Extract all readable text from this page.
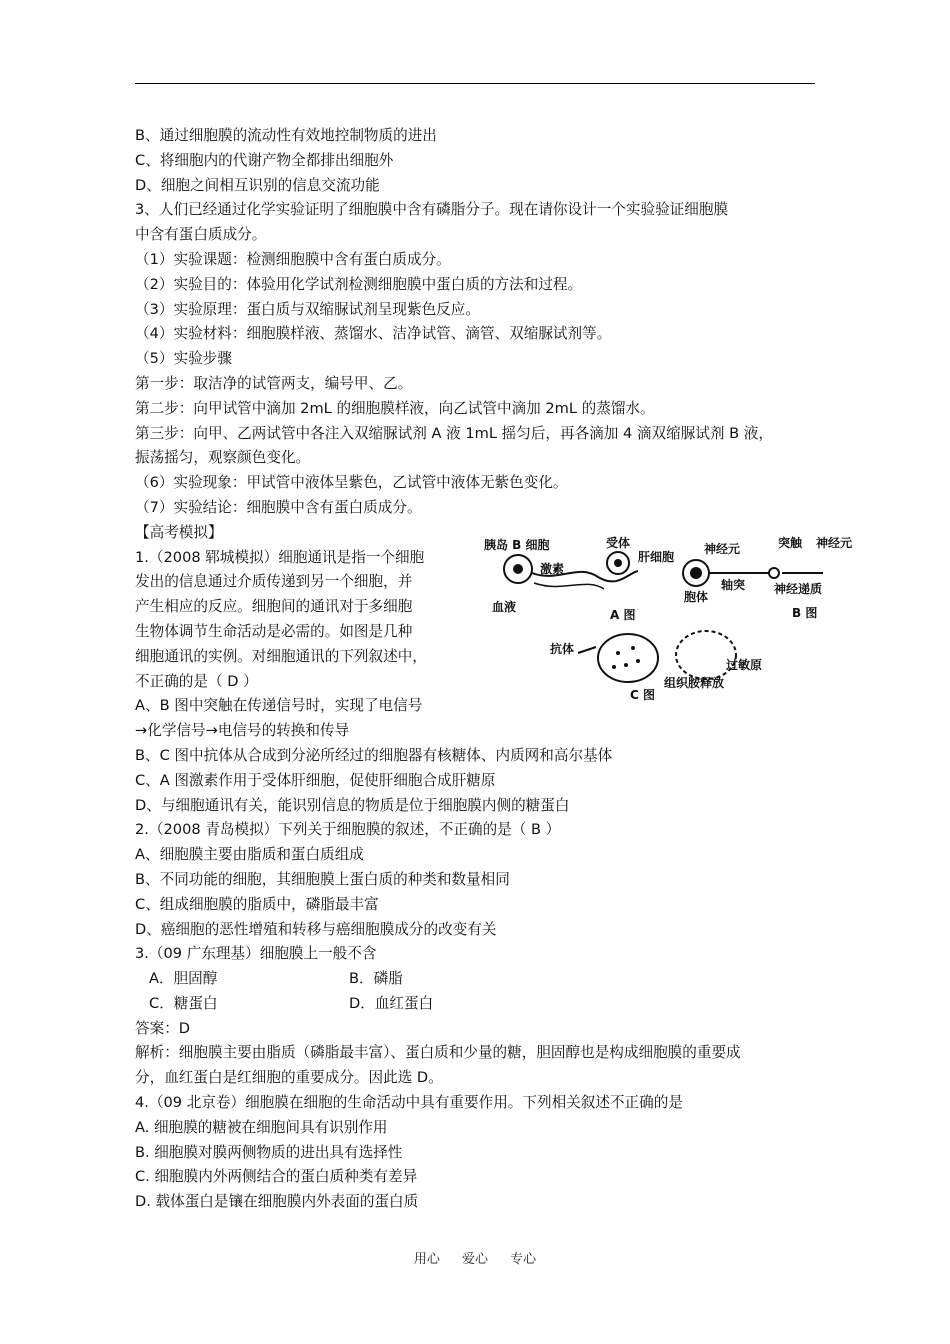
B、通过细胞膜的流动性有效地控制物质的进出

C、将细胞内的代谢产物全都排出细胞外

D、细胞之间相互识别的信息交流功能

3、人们已经通过化学实验证明了细胞膜中含有磷脂分子。现在请你设计一个实验验证细胞膜

中含有蛋白质成分。

（1）实验课题：检测细胞膜中含有蛋白质成分。

（2）实验目的：体验用化学试剂检测细胞膜中蛋白质的方法和过程。

（3）实验原理：蛋白质与双缩脲试剂呈现紫色反应。

（4）实验材料：细胞膜样液、蒸馏水、洁净试管、滴管、双缩脲试剂等。

（5）实验步骤

第一步：取洁净的试管两支，编号甲、乙。

第二步：向甲试管中滴加 2mL 的细胞膜样液，向乙试管中滴加 2mL 的蒸馏水。

第三步：向甲、乙两试管中各注入双缩脲试剂 A 液 1mL 摇匀后，再各滴加 4 滴双缩脲试剂 B 液，

振荡摇匀，观察颜色变化。

（6）实验现象：甲试管中液体呈紫色，乙试管中液体无紫色变化。

（7）实验结论：细胞膜中含有蛋白质成分。

【高考模拟】

1.（2008 郓城模拟）细胞通讯是指一个细胞

发出的信息通过介质传递到另一个细胞，并

产生相应的反应。细胞间的通讯对于多细胞

生物体调节生命活动是必需的。如图是几种

细胞通讯的实例。对细胞通讯的下列叙述中，

不正确的是（ D ）

A、B 图中突触在传递信号时，实现了电信号

→化学信号→电信号的转换和传导

B、C 图中抗体从合成到分泌所经过的细胞器有核糖体、内质网和高尔基体

C、A 图激素作用于受体肝细胞，促使肝细胞合成肝糖原

D、与细胞通讯有关，能识别信息的物质是位于细胞膜内侧的糖蛋白

2.（2008 青岛模拟）下列关于细胞膜的叙述，不正确的是（ B ）

A、细胞膜主要由脂质和蛋白质组成

B、不同功能的细胞，其细胞膜上蛋白质的种类和数量相同

C、组成细胞膜的脂质中，磷脂最丰富

D、癌细胞的恶性增殖和转移与癌细胞膜成分的改变有关

3.（09 广东理基）细胞膜上一般不含

A．胆固醇	B．磷脂

C．糖蛋白	D．血红蛋白

答案：D

解析：细胞膜主要由脂质（磷脂最丰富）、蛋白质和少量的糖，胆固醇也是构成细胞膜的重要成

分，血红蛋白是红细胞的重要成分。因此选 D。

4.（09 北京卷）细胞膜在细胞的生命活动中具有重要作用。下列相关叙述不正确的是

A. 细胞膜的糖被在细胞间具有识别作用

B. 细胞膜对膜两侧物质的进出具有选择性

C. 细胞膜内外两侧结合的蛋白质种类有差异

D. 载体蛋白是镶在细胞膜内外表面的蛋白质

胰岛 B 细胞
激素
受体
肝细胞
血液
A 图
神经元	突触 神经元
轴突
胞体
神经递质
B 图
抗体
过敏原
组织胺释放
C 图
用心 爱心 专心
